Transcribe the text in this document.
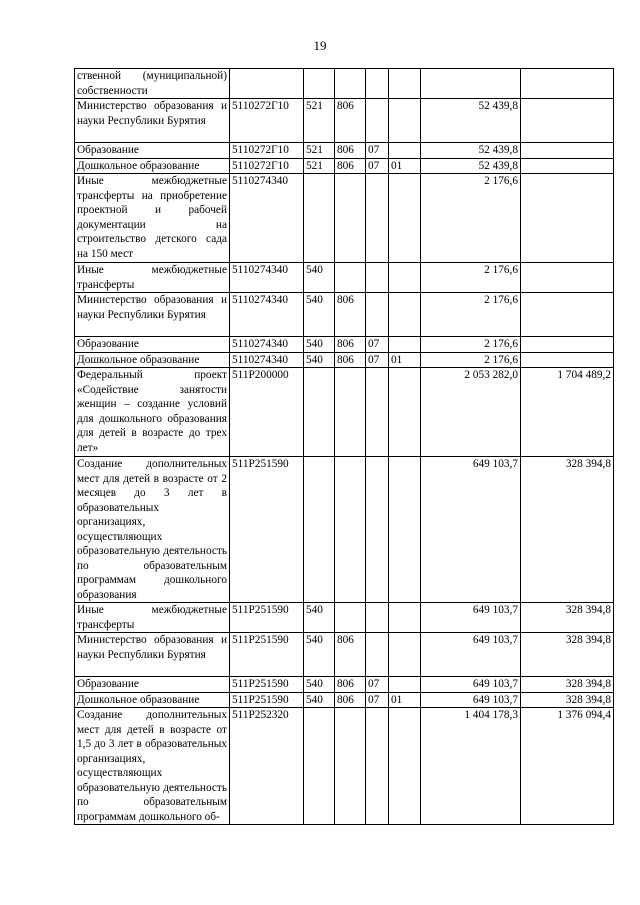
19
ственной (муниципальной) собственности							
Министерство образования и науки Республики Бурятия	5110272Г10	521	806			52 439,8	
Образование	5110272Г10	521	806	07		52 439,8	
Дошкольное образование	5110272Г10	521	806	07	01	52 439,8	
Иные межбюджетные трансферты на приобретение проектной и рабочей документации на строительство детского сада на 150 мест	5110274340					2 176,6	
Иные межбюджетные трансферты	5110274340	540				2 176,6	
Министерство образования и науки Республики Бурятия	5110274340	540	806			2 176,6	
Образование	5110274340	540	806	07		2 176,6	
Дошкольное образование	5110274340	540	806	07	01	2 176,6	
Федеральный проект «Содействие занятости женщин – создание условий для дошкольного образования для детей в возрасте до трех лет»	511P200000					2 053 282,0	1 704 489,2
Создание дополнительных мест для детей в возрасте от 2 месяцев до 3 лет в образовательных организациях, осуществляющих образовательную деятельность по образовательным программам дошкольного образования	511P251590					649 103,7	328 394,8
Иные межбюджетные трансферты	511P251590	540				649 103,7	328 394,8
Министерство образования и науки Республики Бурятия	511P251590	540	806			649 103,7	328 394,8
Образование	511P251590	540	806	07		649 103,7	328 394,8
Дошкольное образование	511P251590	540	806	07	01	649 103,7	328 394,8
Создание дополнительных мест для детей в возрасте от 1,5 до 3 лет в образовательных организациях, осуществляющих образовательную деятельность по образовательным программам дошкольного об-	511P252320					1 404 178,3	1 376 094,4
